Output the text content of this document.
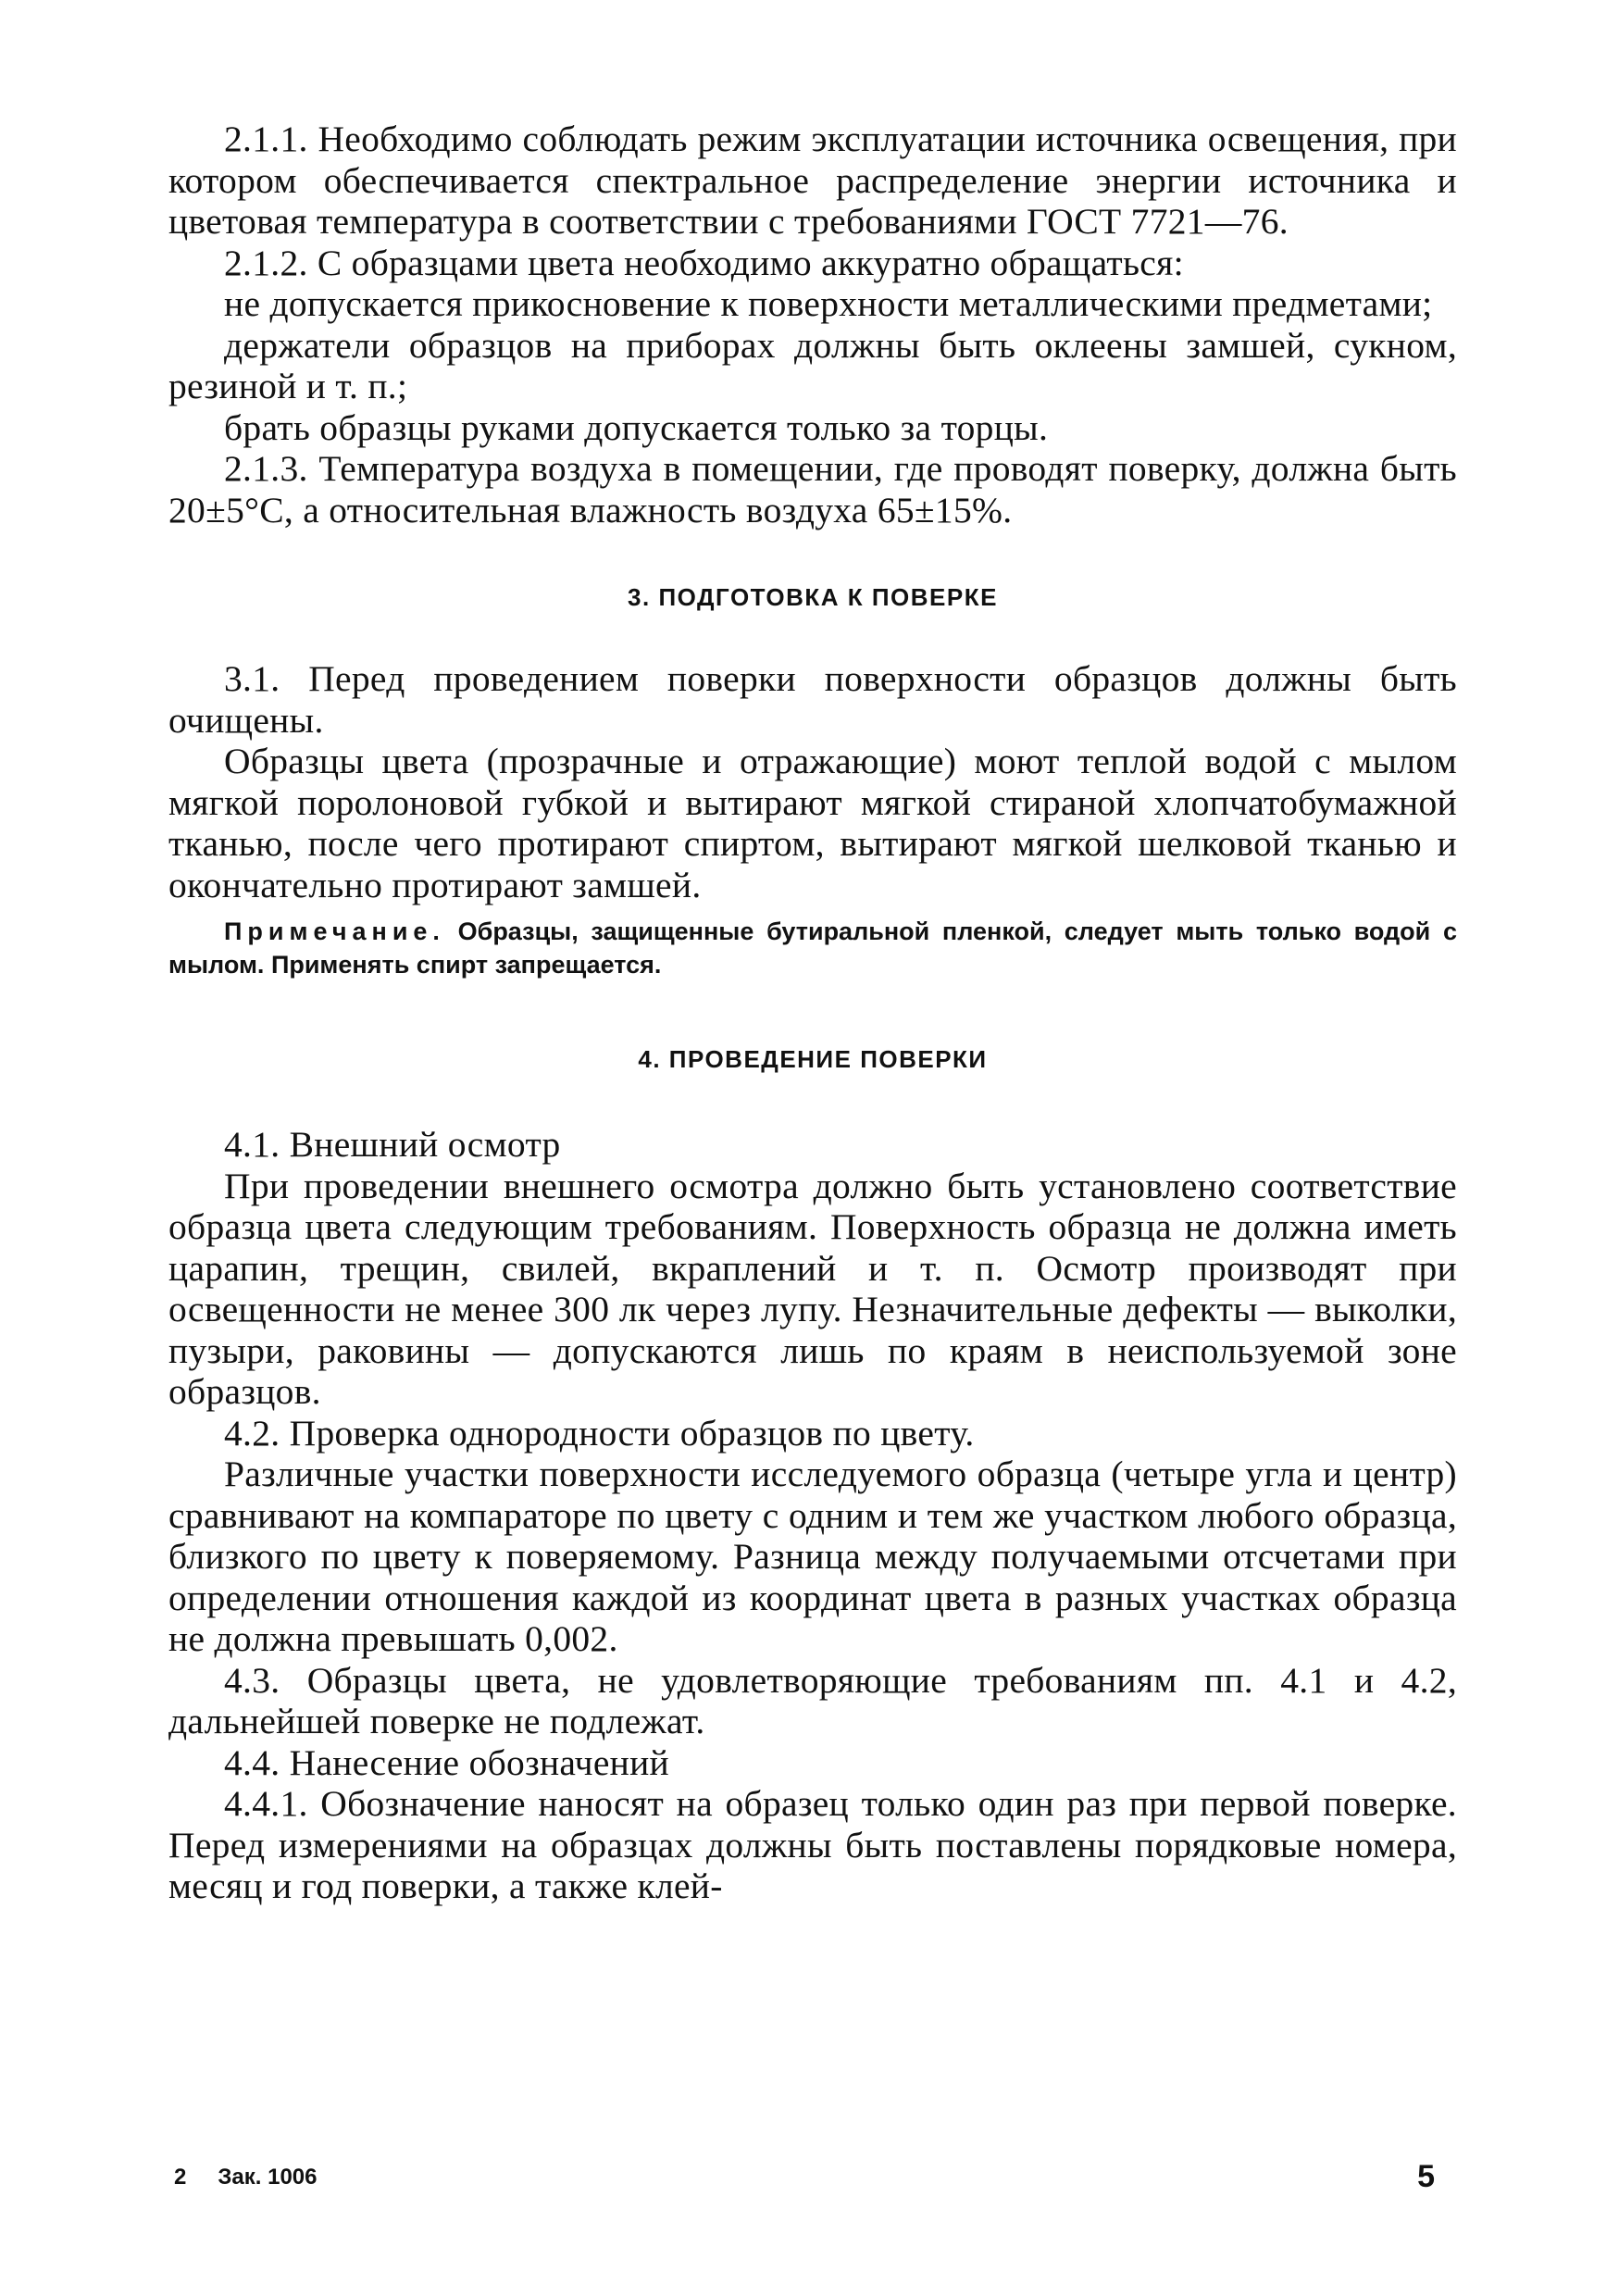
2.1.1. Необходимо соблюдать режим эксплуатации источника освещения, при котором обеспечивается спектральное распределение энергии источника и цветовая температура в соответствии с требованиями ГОСТ 7721—76.

2.1.2. С образцами цвета необходимо аккуратно обращаться:

не допускается прикосновение к поверхности металлическими предметами;

держатели образцов на приборах должны быть оклеены замшей, сукном, резиной и т. п.;

брать образцы руками допускается только за торцы.

2.1.3. Температура воздуха в помещении, где проводят поверку, должна быть 20±5°С, а относительная влажность воздуха 65±15%.

3. ПОДГОТОВКА К ПОВЕРКЕ

3.1. Перед проведением поверки поверхности образцов должны быть очищены.

Образцы цвета (прозрачные и отражающие) моют теплой водой с мылом мягкой поролоновой губкой и вытирают мягкой стираной хлопчатобумажной тканью, после чего протирают спиртом, вытирают мягкой шелковой тканью и окончательно протирают замшей.

Примечание. Образцы, защищенные бутиральной пленкой, следует мыть только водой с мылом. Применять спирт запрещается.

4. ПРОВЕДЕНИЕ ПОВЕРКИ

4.1. Внешний осмотр

При проведении внешнего осмотра должно быть установлено соответствие образца цвета следующим требованиям. Поверхность образца не должна иметь царапин, трещин, свилей, вкраплений и т. п. Осмотр производят при освещенности не менее 300 лк через лупу. Незначительные дефекты — выколки, пузыри, раковины — допускаются лишь по краям в неиспользуемой зоне образцов.

4.2. Проверка однородности образцов по цвету.

Различные участки поверхности исследуемого образца (четыре угла и центр) сравнивают на компараторе по цвету с одним и тем же участком любого образца, близкого по цвету к поверяемому. Разница между получаемыми отсчетами при определении отношения каждой из координат цвета в разных участках образца не должна превышать 0,002.

4.3. Образцы цвета, не удовлетворяющие требованиям пп. 4.1 и 4.2, дальнейшей поверке не подлежат.

4.4. Нанесение обозначений

4.4.1. Обозначение наносят на образец только один раз при первой поверке. Перед измерениями на образцах должны быть поставлены порядковые номера, месяц и год поверки, а также клей-

2 Зак. 1006	5
